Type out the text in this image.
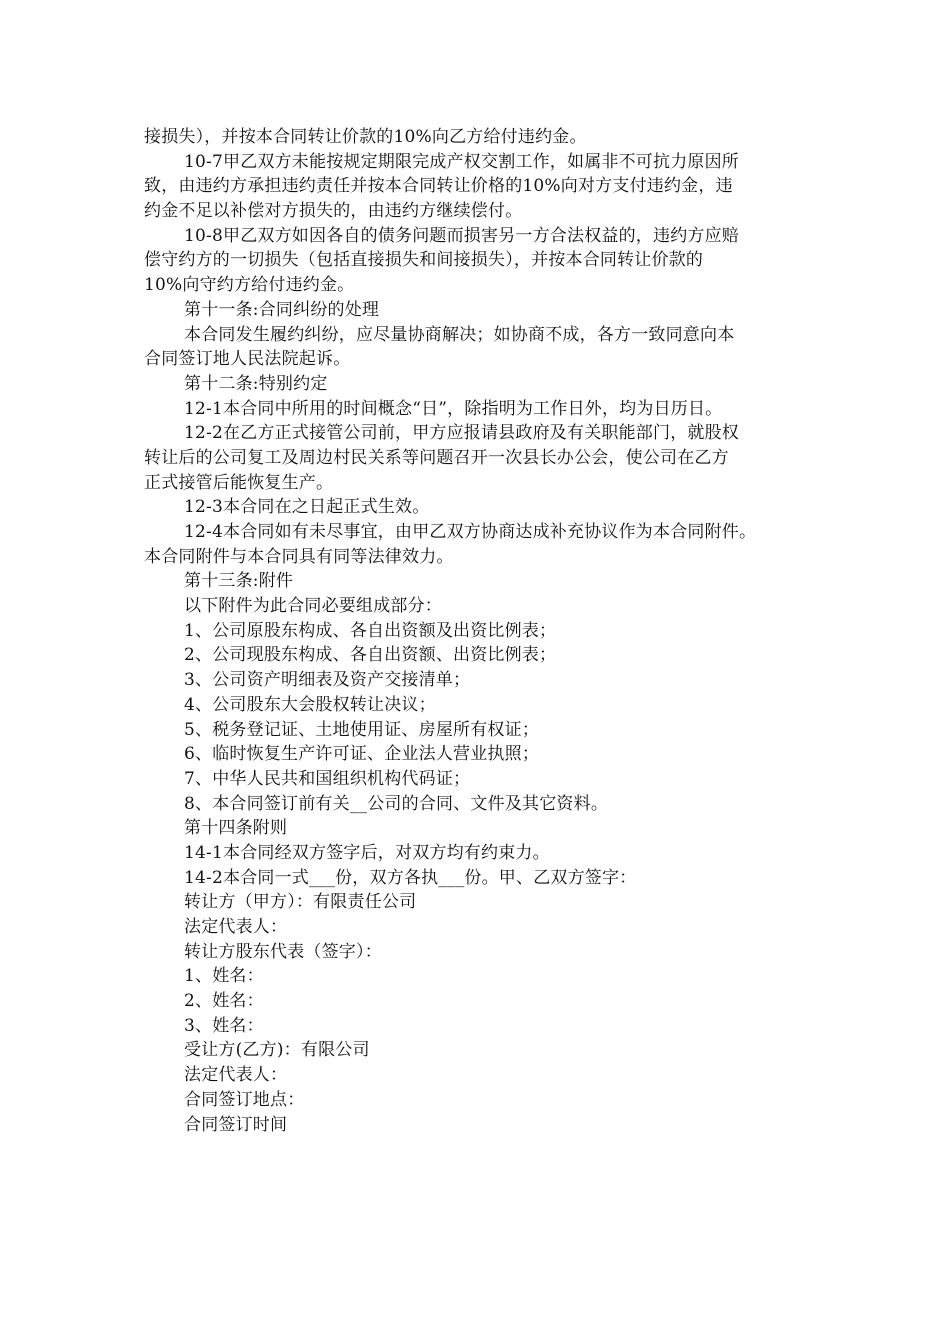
接损失），并按本合同转让价款的10%向乙方给付违约金。
10-7甲乙双方未能按规定期限完成产权交割工作，如属非不可抗力原因所
致，由违约方承担违约责任并按本合同转让价格的10%向对方支付违约金，违
约金不足以补偿对方损失的，由违约方继续偿付。
10-8甲乙双方如因各自的债务问题而损害另一方合法权益的，违约方应赔
偿守约方的一切损失（包括直接损失和间接损失），并按本合同转让价款的
10%向守约方给付违约金。
第十一条:合同纠纷的处理
本合同发生履约纠纷，应尽量协商解决；如协商不成，各方一致同意向本
合同签订地人民法院起诉。
第十二条:特别约定
12-1本合同中所用的时间概念“日”，除指明为工作日外，均为日历日。
12-2在乙方正式接管公司前，甲方应报请县政府及有关职能部门，就股权
转让后的公司复工及周边村民关系等问题召开一次县长办公会，使公司在乙方
正式接管后能恢复生产。
12-3本合同在之日起正式生效。
12-4本合同如有未尽事宜，由甲乙双方协商达成补充协议作为本合同附件。
本合同附件与本合同具有同等法律效力。
第十三条:附件
以下附件为此合同必要组成部分：
1、公司原股东构成、各自出资额及出资比例表；
2、公司现股东构成、各自出资额、出资比例表；
3、公司资产明细表及资产交接清单；
4、公司股东大会股权转让决议；
5、税务登记证、土地使用证、房屋所有权证；
6、临时恢复生产许可证、企业法人营业执照；
7、中华人民共和国组织机构代码证；
8、本合同签订前有关__公司的合同、文件及其它资料。
第十四条附则
14-1本合同经双方签字后，对双方均有约束力。
14-2本合同一式___份，双方各执___份。甲、乙双方签字：
转让方（甲方）：有限责任公司
法定代表人：
转让方股东代表（签字）：
1、姓名：
2、姓名：
3、姓名：
受让方(乙方)：有限公司
法定代表人：
合同签订地点：
合同签订时间
